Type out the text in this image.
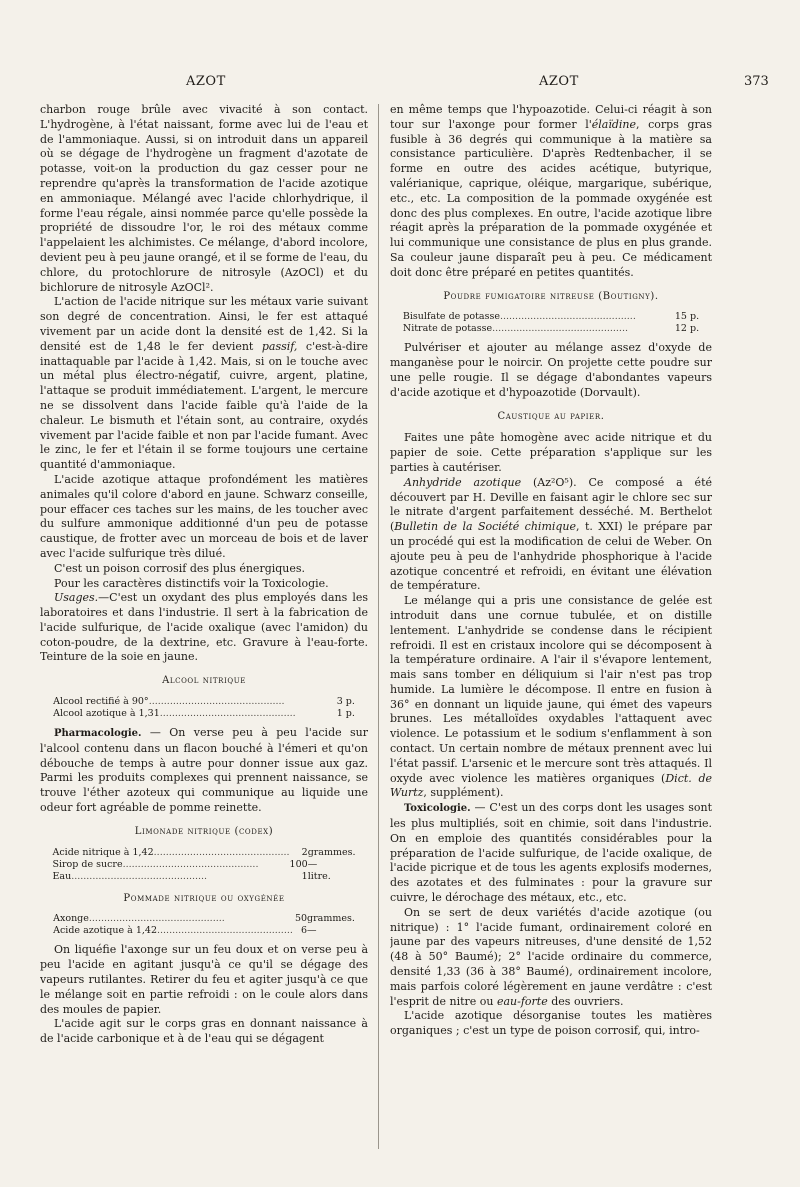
AZOT	AZOT	373

charbon rouge brûle avec vivacité à son contact. L'hydrogène, à l'état naissant, forme avec lui de l'eau et de l'ammoniaque. Aussi, si on introduit dans un appareil où se dégage de l'hydrogène un fragment d'azotate de potasse, voit-on la production du gaz cesser pour ne reprendre qu'après la transformation de l'acide azotique en ammoniaque. Mélangé avec l'acide chlorhydrique, il forme l'eau régale, ainsi nommée parce qu'elle possède la propriété de dissoudre l'or, le roi des métaux comme l'appelaient les alchimistes. Ce mélange, d'abord incolore, devient peu à peu jaune orangé, et il se forme de l'eau, du chlore, du protochlorure de nitrosyle (AzOCl) et du bichlorure de nitrosyle AzOCl².

L'action de l'acide nitrique sur les métaux varie suivant son degré de concentration. Ainsi, le fer est attaqué vivement par un acide dont la densité est de 1,42. Si la densité est de 1,48 le fer devient passif, c'est-à-dire inattaquable par l'acide à 1,42. Mais, si on le touche avec un métal plus électro-négatif, cuivre, argent, platine, l'attaque se produit immédiatement. L'argent, le mercure ne se dissolvent dans l'acide faible qu'à l'aide de la chaleur. Le bismuth et l'étain sont, au contraire, oxydés vivement par l'acide faible et non par l'acide fumant. Avec le zinc, le fer et l'étain il se forme toujours une certaine quantité d'ammoniaque.

L'acide azotique attaque profondément les matières animales qu'il colore d'abord en jaune. Schwarz conseille, pour effacer ces taches sur les mains, de les toucher avec du sulfure ammonique additionné d'un peu de potasse caustique, de frotter avec un morceau de bois et de laver avec l'acide sulfurique très dilué.

C'est un poison corrosif des plus énergiques.

Pour les caractères distinctifs voir la Toxicologie.

Usages.—C'est un oxydant des plus employés dans les laboratoires et dans l'industrie. Il sert à la fabrication de l'acide sulfurique, de l'acide oxalique (avec l'amidon) du coton-poudre, de la dextrine, etc. Gravure à l'eau-forte. Teinture de la soie en jaune.

Alcool nitrique
Alcool rectifié à 90°.............................................	3 p.
Alcool azotique à 1,31.............................................	1 p.

Pharmacologie. — On verse peu à peu l'acide sur l'alcool contenu dans un flacon bouché à l'émeri et qu'on débouche de temps à autre pour donner issue aux gaz. Parmi les produits complexes qui prennent naissance, se trouve l'éther azoteux qui communique au liquide une odeur fort agréable de pomme reinette.

Limonade nitrique (codex)
Acide nitrique à 1,42.............................................	2	grammes.
Sirop de sucre.............................................	100	—
Eau.............................................	1	litre.
Pommade nitrique ou oxygénée
Axonge.............................................	50	grammes.
Acide azotique à 1,42.............................................	6	—

On liquéfie l'axonge sur un feu doux et on verse peu à peu l'acide en agitant jusqu'à ce qu'il se dégage des vapeurs rutilantes. Retirer du feu et agiter jusqu'à ce que le mélange soit en partie refroidi : on le coule alors dans des moules de papier.

L'acide agit sur le corps gras en donnant naissance à de l'acide carbonique et à de l'eau qui se dégagent

en même temps que l'hypoazotide. Celui-ci réagit à son tour sur l'axonge pour former l'élaïdine, corps gras fusible à 36 degrés qui communique à la matière sa consistance particulière. D'après Redtenbacher, il se forme en outre des acides acétique, butyrique, valérianique, caprique, oléique, margarique, subérique, etc., etc. La composition de la pommade oxygénée est donc des plus complexes. En outre, l'acide azotique libre réagit après la préparation de la pommade oxygénée et lui communique une consistance de plus en plus grande. Sa couleur jaune disparaît peu à peu. Ce médicament doit donc être préparé en petites quantités.

Poudre fumigatoire nitreuse (Boutigny).
Bisulfate de potasse.............................................	15 p.
Nitrate de potasse.............................................	12 p.

Pulvériser et ajouter au mélange assez d'oxyde de manganèse pour le noircir. On projette cette poudre sur une pelle rougie. Il se dégage d'abondantes vapeurs d'acide azotique et d'hypoazotide (Dorvault).

Caustique au papier.

Faites une pâte homogène avec acide nitrique et du papier de soie. Cette préparation s'applique sur les parties à cautériser.

Anhydride azotique (Az²O⁵). Ce composé a été découvert par H. Deville en faisant agir le chlore sec sur le nitrate d'argent parfaitement desséché. M. Berthelot (Bulletin de la Société chimique, t. XXI) le prépare par un procédé qui est la modification de celui de Weber. On ajoute peu à peu de l'anhydride phosphorique à l'acide azotique concentré et refroidi, en évitant une élévation de température.

Le mélange qui a pris une consistance de gelée est introduit dans une cornue tubulée, et on distille lentement. L'anhydride se condense dans le récipient refroidi. Il est en cristaux incolore qui se décomposent à la température ordinaire. A l'air il s'évapore lentement, mais sans tomber en déliquium si l'air n'est pas trop humide. La lumière le décompose. Il entre en fusion à 36° en donnant un liquide jaune, qui émet des vapeurs brunes. Les métalloïdes oxydables l'attaquent avec violence. Le potassium et le sodium s'enflamment à son contact. Un certain nombre de métaux prennent avec lui l'état passif. L'arsenic et le mercure sont très attaqués. Il oxyde avec violence les matières organiques (Dict. de Wurtz, supplément).

Toxicologie. — C'est un des corps dont les usages sont les plus multipliés, soit en chimie, soit dans l'industrie. On en emploie des quantités considérables pour la préparation de l'acide sulfurique, de l'acide oxalique, de l'acide picrique et de tous les agents explosifs modernes, des azotates et des fulminates : pour la gravure sur cuivre, le dérochage des métaux, etc., etc.

On se sert de deux variétés d'acide azotique (ou nitrique) : 1° l'acide fumant, ordinairement coloré en jaune par des vapeurs nitreuses, d'une densité de 1,52 (48 à 50° Baumé); 2° l'acide ordinaire du commerce, densité 1,33 (36 à 38° Baumé), ordinairement incolore, mais parfois coloré légèrement en jaune verdâtre : c'est l'esprit de nitre ou eau-forte des ouvriers.

L'acide azotique désorganise toutes les matières organiques ; c'est un type de poison corrosif, qui, intro-
